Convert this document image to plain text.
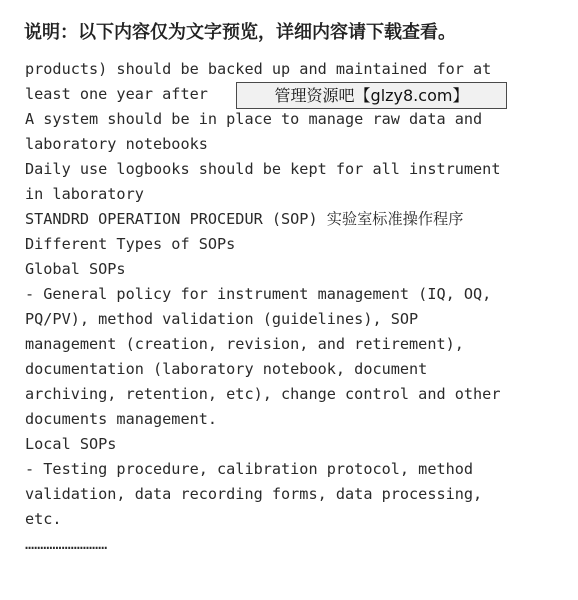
说明：以下内容仅为文字预览，详细内容请下载查看。
products) should be backed up and maintained for at
least one year after
A system should be in place to manage raw data and
laboratory notebooks
Daily use logbooks should be kept for all instrument
in laboratory
STANDRD OPERATION PROCEDUR (SOP) 实验室标准操作程序
Different Types of SOPs
Global SOPs
- General policy for instrument management (IQ, OQ,
PQ/PV), method validation (guidelines), SOP
management (creation, revision, and retirement),
documentation (laboratory notebook, document
archiving, retention, etc), change control and other
documents management.
Local SOPs
- Testing procedure, calibration protocol, method
validation, data recording forms, data processing,
etc.
………………………
管理资源吧【glzy8.com】
